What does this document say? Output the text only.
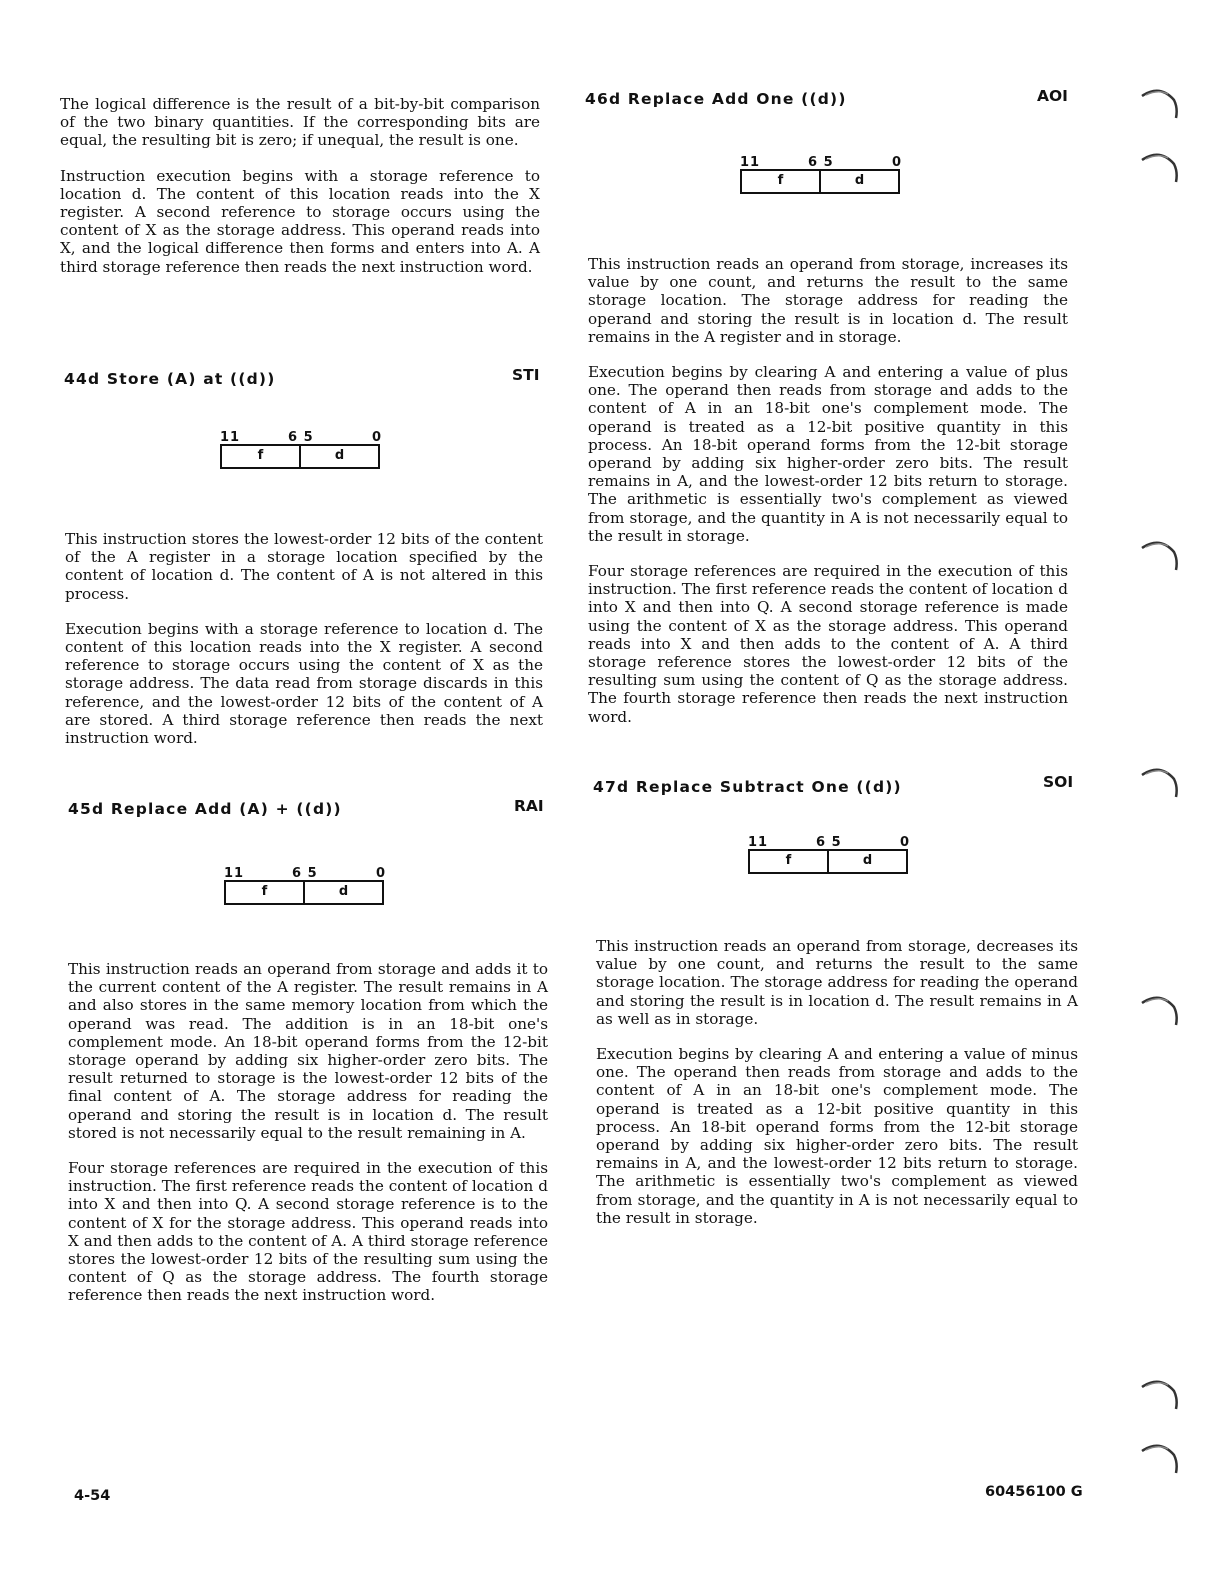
The logical difference is the result of a bit-by-bit comparison of the two binary quantities. If the corresponding bits are equal, the resulting bit is zero; if unequal, the result is one.

Instruction execution begins with a storage reference to location d. The content of this location reads into the X register. A second reference to storage occurs using the content of X as the storage address. This operand reads into X, and the logical difference then forms and enters into A. A third storage reference then reads the next instruction word.

44d Store (A) at ((d))	STI
11	6 5	0
f	d

This instruction stores the lowest-order 12 bits of the content of the A register in a storage location specified by the content of location d. The content of A is not altered in this process.

Execution begins with a storage reference to location d. The content of this location reads into the X register. A second reference to storage occurs using the content of X as the storage address. The data read from storage discards in this reference, and the lowest-order 12 bits of the content of A are stored. A third storage reference then reads the next instruction word.

45d Replace Add (A) + ((d))	RAI
11	6 5	0
f	d

This instruction reads an operand from storage and adds it to the current content of the A register. The result remains in A and also stores in the same memory location from which the operand was read. The addition is in an 18-bit one's complement mode. An 18-bit operand forms from the 12-bit storage operand by adding six higher-order zero bits. The result returned to storage is the lowest-order 12 bits of the final content of A. The storage address for reading the operand and storing the result is in location d. The result stored is not necessarily equal to the result remaining in A.

Four storage references are required in the execution of this instruction. The first reference reads the content of location d into X and then into Q. A second storage reference is to the content of X for the storage address. This operand reads into X and then adds to the content of A. A third storage reference stores the lowest-order 12 bits of the resulting sum using the content of Q as the storage address. The fourth storage reference then reads the next instruction word.

46d Replace Add One ((d))	AOI
11	6 5	0
f	d

This instruction reads an operand from storage, increases its value by one count, and returns the result to the same storage location. The storage address for reading the operand and storing the result is in location d. The result remains in the A register and in storage.

Execution begins by clearing A and entering a value of plus one. The operand then reads from storage and adds to the content of A in an 18-bit one's complement mode. The operand is treated as a 12-bit positive quantity in this process. An 18-bit operand forms from the 12-bit storage operand by adding six higher-order zero bits. The result remains in A, and the lowest-order 12 bits return to storage. The arithmetic is essentially two's complement as viewed from storage, and the quantity in A is not necessarily equal to the result in storage.

Four storage references are required in the execution of this instruction. The first reference reads the content of location d into X and then into Q. A second storage reference is made using the content of X as the storage address. This operand reads into X and then adds to the content of A. A third storage reference stores the lowest-order 12 bits of the resulting sum using the content of Q as the storage address. The fourth storage reference then reads the next instruction word.

47d Replace Subtract One ((d))	SOI
11	6 5	0
f	d

This instruction reads an operand from storage, decreases its value by one count, and returns the result to the same storage location. The storage address for reading the operand and storing the result is in location d. The result remains in A as well as in storage.

Execution begins by clearing A and entering a value of minus one. The operand then reads from storage and adds to the content of A in an 18-bit one's complement mode. The operand is treated as a 12-bit positive quantity in this process. An 18-bit operand forms from the 12-bit storage operand by adding six higher-order zero bits. The result remains in A, and the lowest-order 12 bits return to storage. The arithmetic is essentially two's complement as viewed from storage, and the quantity in A is not necessarily equal to the result in storage.

4-54	60456100 G
